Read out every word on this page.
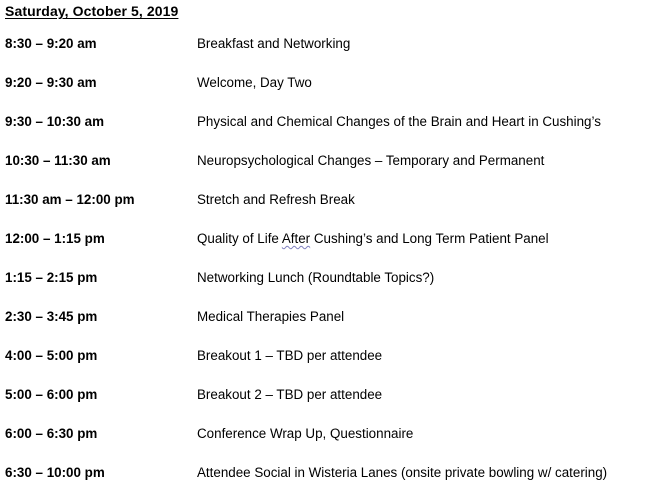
Saturday, October 5, 2019
8:30 – 9:20 am	Breakfast and Networking
9:20 – 9:30 am	Welcome, Day Two
9:30 – 10:30 am	Physical and Chemical Changes of the Brain and Heart in Cushing’s
10:30 – 11:30 am	Neuropsychological Changes – Temporary and Permanent
11:30 am – 12:00 pm	Stretch and Refresh Break
12:00 – 1:15 pm	Quality of Life After Cushing’s and Long Term Patient Panel
1:15 – 2:15 pm	Networking Lunch (Roundtable Topics?)
2:30 – 3:45 pm	Medical Therapies Panel
4:00 – 5:00 pm	Breakout 1 – TBD per attendee
5:00 – 6:00 pm	Breakout 2 – TBD per attendee
6:00 – 6:30 pm	Conference Wrap Up, Questionnaire
6:30 – 10:00 pm	Attendee Social in Wisteria Lanes (onsite private bowling w/ catering)
